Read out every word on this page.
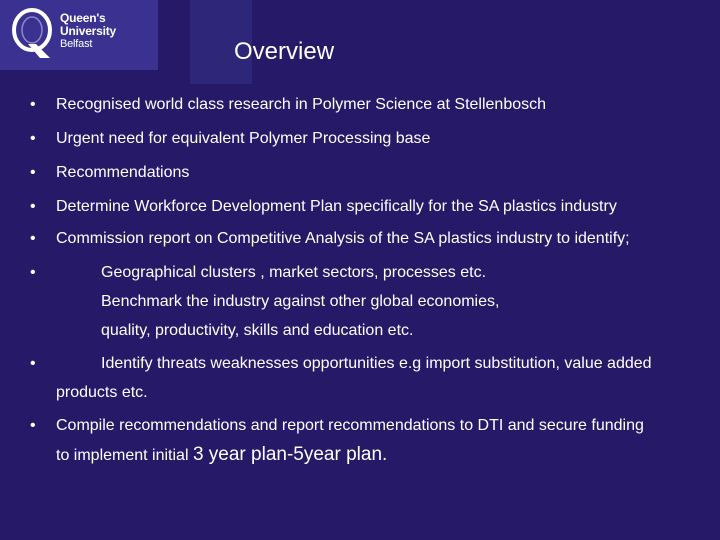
Queen's University
Belfast	Overview
• Recognised world class research in Polymer Science at Stellenbosch
• Urgent need for equivalent Polymer Processing base
• Recommendations
• Determine Workforce Development Plan specifically for the SA plastics industry
• Commission report on Competitive Analysis of the SA plastics industry to identify;
•	Geographical clusters , market sectors, processes etc.
Benchmark the industry against other global economies,
quality, productivity, skills and education etc.
•	Identify threats weaknesses opportunities e.g import substitution, value added
products etc.
• Compile recommendations and report recommendations to DTI and secure funding
to implement initial 3 year plan-5year plan.
